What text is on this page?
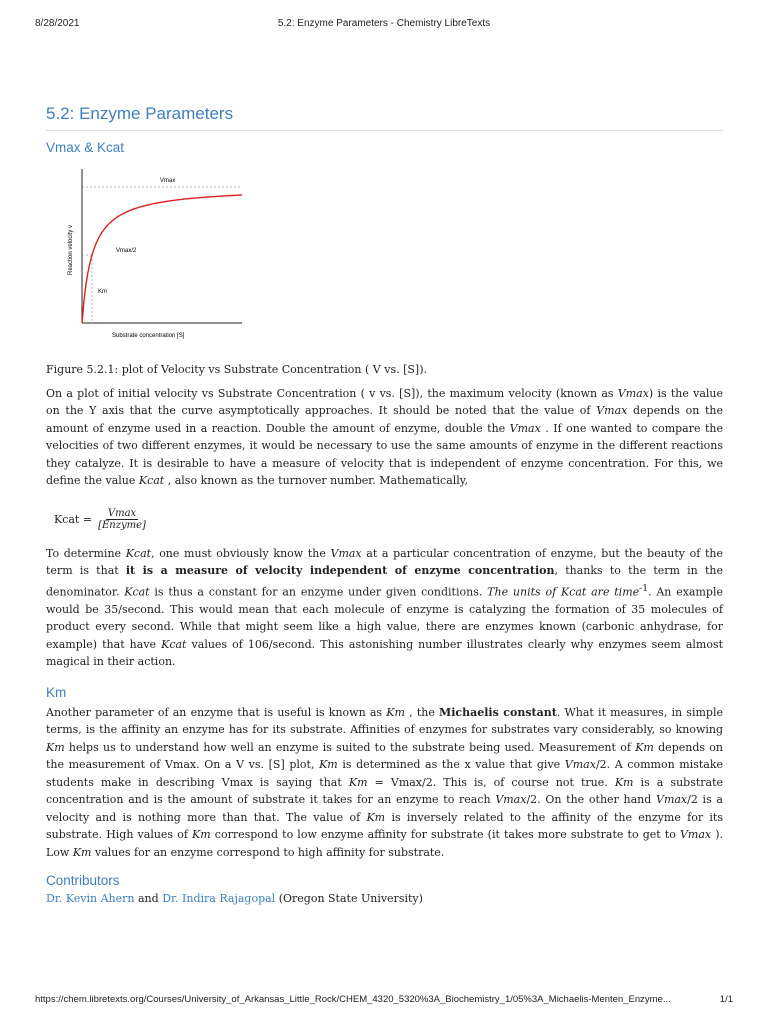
8/28/2021	5.2: Enzyme Parameters - Chemistry LibreTexts
5.2: Enzyme Parameters
Vmax & Kcat
Vmax
Vmax/2
Km
Substrate concentration [S]
Reaction velocity v

Figure 5.2.1: plot of Velocity vs Substrate Concentration ( V vs. [S]).

On a plot of initial velocity vs Substrate Concentration ( v vs. [S]), the maximum velocity (known as Vmax) is the value on the Y axis that the curve asymptotically approaches. It should be noted that the value of Vmax depends on the amount of enzyme used in a reaction. Double the amount of enzyme, double the Vmax . If one wanted to compare the velocities of two different enzymes, it would be necessary to use the same amounts of enzyme in the different reactions they catalyze. It is desirable to have a measure of velocity that is independent of enzyme concentration. For this, we define the value Kcat , also known as the turnover number. Mathematically,

Kcat = $\frac{Vmax}{\text{[Enzyme]}}$

To determine Kcat, one must obviously know the Vmax at a particular concentration of enzyme, but the beauty of the term is that it is a measure of velocity independent of enzyme concentration, thanks to the term in the denominator. Kcat is thus a constant for an enzyme under given conditions. The units of Kcat are time$^{-1}$. An example would be 35/second. This would mean that each molecule of enzyme is catalyzing the formation of 35 molecules of product every second. While that might seem like a high value, there are enzymes known (carbonic anhydrase, for example) that have Kcat values of 106/second. This astonishing number illustrates clearly why enzymes seem almost magical in their action.

Km

Another parameter of an enzyme that is useful is known as Km , the Michaelis constant. What it measures, in simple terms, is the affinity an enzyme has for its substrate. Affinities of enzymes for substrates vary considerably, so knowing Km helps us to understand how well an enzyme is suited to the substrate being used. Measurement of Km depends on the measurement of Vmax. On a V vs. [S] plot, Km is determined as the x value that give Vmax/2. A common mistake students make in describing Vmax is saying that Km = Vmax/2. This is, of course not true. Km is a substrate concentration and is the amount of substrate it takes for an enzyme to reach Vmax/2. On the other hand Vmax/2 is a velocity and is nothing more than that. The value of Km is inversely related to the affinity of the enzyme for its substrate. High values of Km correspond to low enzyme affinity for substrate (it takes more substrate to get to Vmax ). Low Km values for an enzyme correspond to high affinity for substrate.

Contributors

Dr. Kevin Ahern and Dr. Indira Rajagopal (Oregon State University)

https://chem.libretexts.org/Courses/University_of_Arkansas_Little_Rock/CHEM_4320_5320%3A_Biochemistry_1/05%3A_Michaelis-Menten_Enzyme...	1/1
